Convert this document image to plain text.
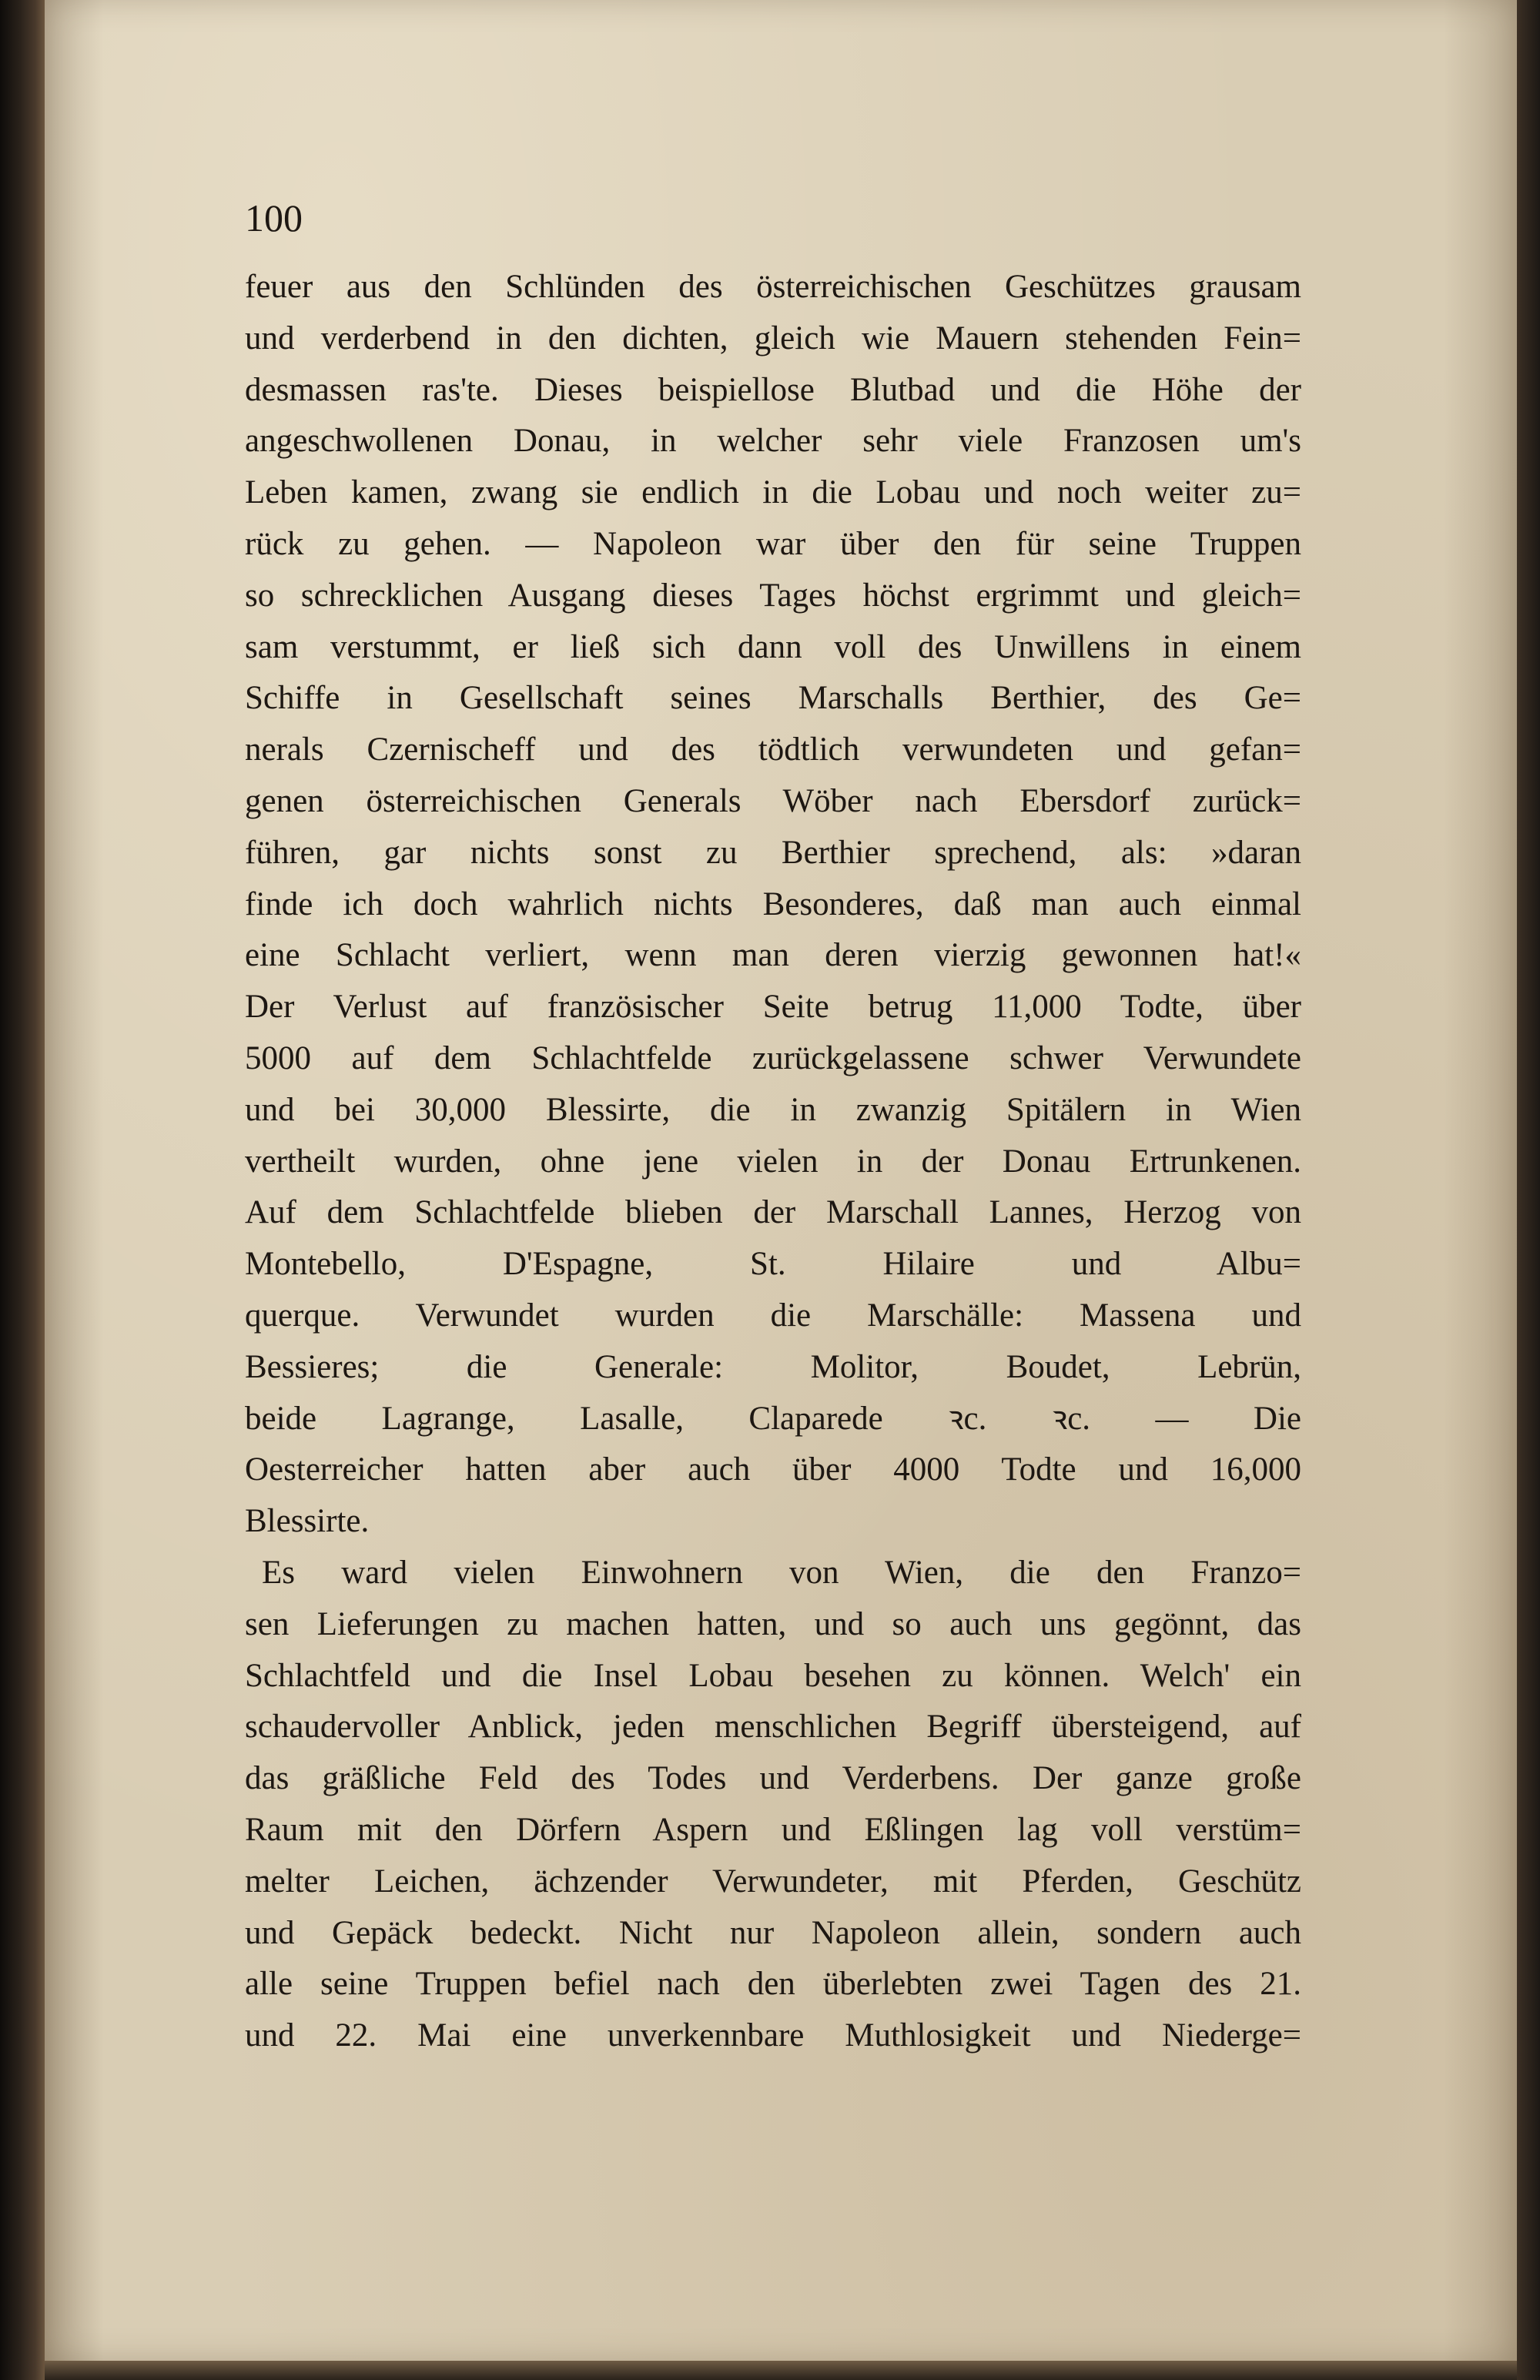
100
feuer aus den Schlünden des österreichischen Geschützes grausam
und verderbend in den dichten, gleich wie Mauern stehenden Fein=
desmassen ras'te. Dieses beispiellose Blutbad und die Höhe der
angeschwollenen Donau, in welcher sehr viele Franzosen um's
Leben kamen, zwang sie endlich in die Lobau und noch weiter zu=
rück zu gehen. — Napoleon war über den für seine Truppen
so schrecklichen Ausgang dieses Tages höchst ergrimmt und gleich=
sam verstummt, er ließ sich dann voll des Unwillens in einem
Schiffe in Gesellschaft seines Marschalls Berthier, des Ge=
nerals Czernischeff und des tödtlich verwundeten und gefan=
genen österreichischen Generals Wöber nach Ebersdorf zurück=
führen, gar nichts sonst zu Berthier sprechend, als: »daran
finde ich doch wahrlich nichts Besonderes, daß man auch einmal
eine Schlacht verliert, wenn man deren vierzig gewonnen hat!«
Der Verlust auf französischer Seite betrug 11,000 Todte, über
5000 auf dem Schlachtfelde zurückgelassene schwer Verwundete
und bei 30,000 Blessirte, die in zwanzig Spitälern in Wien
vertheilt wurden, ohne jene vielen in der Donau Ertrunkenen.
Auf dem Schlachtfelde blieben der Marschall Lannes, Herzog von
Montebello, D'Espagne, St. Hilaire und Albu=
querque. Verwundet wurden die Marschälle: Massena und
Bessieres; die Generale: Molitor, Boudet, Lebrün,
beide Lagrange, Lasalle, Claparede ꝛc. ꝛc. — Die
Oesterreicher hatten aber auch über 4000 Todte und 16,000
Blessirte.
Es ward vielen Einwohnern von Wien, die den Franzo=
sen Lieferungen zu machen hatten, und so auch uns gegönnt, das
Schlachtfeld und die Insel Lobau besehen zu können. Welch' ein
schaudervoller Anblick, jeden menschlichen Begriff übersteigend, auf
das gräßliche Feld des Todes und Verderbens. Der ganze große
Raum mit den Dörfern Aspern und Eßlingen lag voll verstüm=
melter Leichen, ächzender Verwundeter, mit Pferden, Geschütz
und Gepäck bedeckt. Nicht nur Napoleon allein, sondern auch
alle seine Truppen befiel nach den überlebten zwei Tagen des 21.
und 22. Mai eine unverkennbare Muthlosigkeit und Niederge=
